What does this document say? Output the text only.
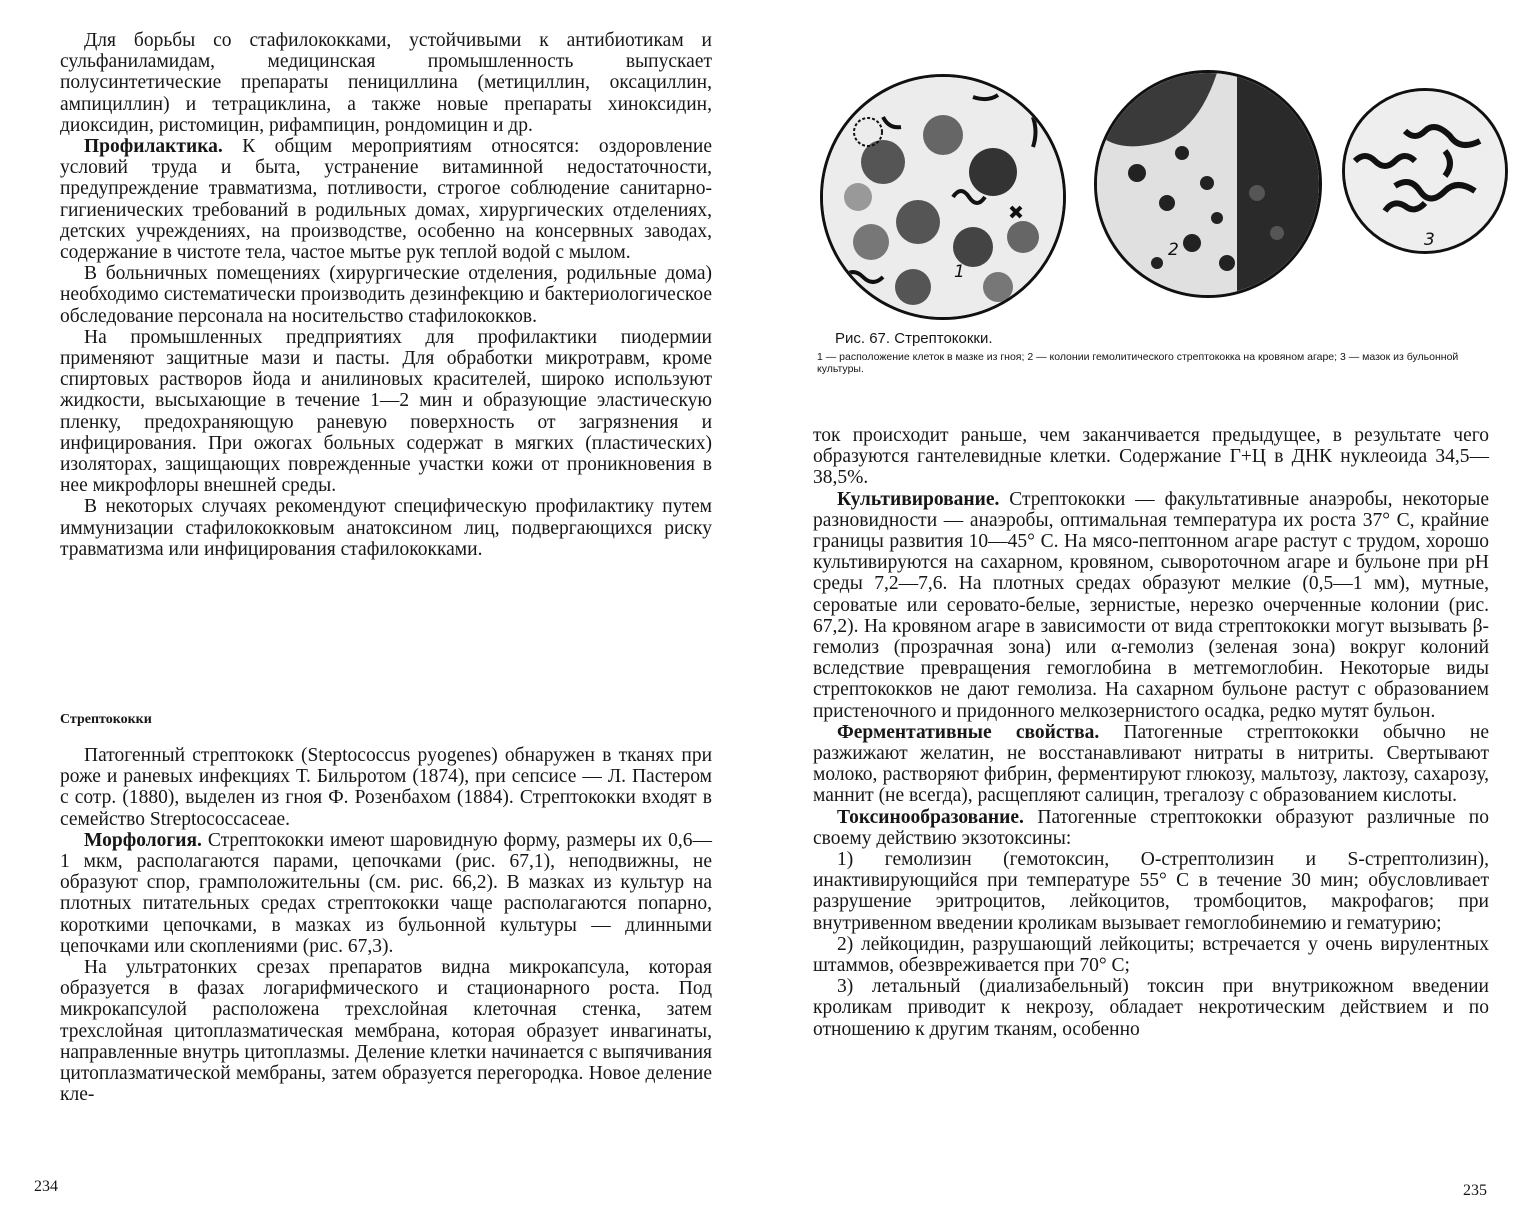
Для борьбы со стафилококками, устойчивыми к антибиотикам и сульфаниламидам, медицинская промышленность выпускает полусинтетические препараты пенициллина (метициллин, оксациллин, ампициллин) и тетрациклина, а также новые препараты хиноксидин, диоксидин, ристомицин, рифампицин, рондомицин и др.

Профилактика. К общим мероприятиям относятся: оздоровление условий труда и быта, устранение витаминной недостаточности, предупреждение травматизма, потливости, строгое соблюдение санитарно-гигиенических требований в родильных домах, хирургических отделениях, детских учреждениях, на производстве, особенно на консервных заводах, содержание в чистоте тела, частое мытье рук теплой водой с мылом.

В больничных помещениях (хирургические отделения, родильные дома) необходимо систематически производить дезинфекцию и бактериологическое обследование персонала на носительство стафилококков.

На промышленных предприятиях для профилактики пиодермии применяют защитные мази и пасты. Для обработки микротравм, кроме спиртовых растворов йода и анилиновых красителей, широко используют жидкости, высыхающие в течение 1—2 мин и образующие эластическую пленку, предохраняющую раневую поверхность от загрязнения и инфицирования. При ожогах больных содержат в мягких (пластических) изоляторах, защищающих поврежденные участки кожи от проникновения в нее микрофлоры внешней среды.

В некоторых случаях рекомендуют специфическую профилактику путем иммунизации стафилококковым анатоксином лиц, подвергающихся риску травматизма или инфицирования стафилококками.

Стрептококки

Патогенный стрептококк (Steptococcus pyogenes) обнаружен в тканях при роже и раневых инфекциях Т. Бильротом (1874), при сепсисе — Л. Пастером с сотр. (1880), выделен из гноя Ф. Розенбахом (1884). Стрептококки входят в семейство Streptococcaceae.

Морфология. Стрептококки имеют шаровидную форму, размеры их 0,6—1 мкм, располагаются парами, цепочками (рис. 67,1), неподвижны, не образуют спор, грамположительны (см. рис. 66,2). В мазках из культур на плотных питательных средах стрептококки чаще располагаются попарно, короткими цепочками, в мазках из бульонной культуры — длинными цепочками или скоплениями (рис. 67,3).

На ультратонких срезах препаратов видна микрокапсула, которая образуется в фазах логарифмического и стационарного роста. Под микрокапсулой расположена трехслойная клеточная стенка, затем трехслойная цитоплазматическая мембрана, которая образует инвагинаты, направленные внутрь цитоплазмы. Деление клетки начинается с выпячивания цитоплазматической мембраны, затем образуется перегородка. Новое деление кле-

234
1
2	3
Рис. 67. Стрептококки.
1 — расположение клеток в мазке из гноя; 2 — колонии гемолитического стрептококка на кровяном агаре; 3 — мазок из бульонной культуры.

ток происходит раньше, чем заканчивается предыдущее, в результате чего образуются гантелевидные клетки. Содержание Г+Ц в ДНК нуклеоида 34,5—38,5%.

Культивирование. Стрептококки — факультативные анаэробы, некоторые разновидности — анаэробы, оптимальная температура их роста 37° С, крайние границы развития 10—45° С. На мясо-пептонном агаре растут с трудом, хорошо культивируются на сахарном, кровяном, сывороточном агаре и бульоне при pH среды 7,2—7,6. На плотных средах образуют мелкие (0,5—1 мм), мутные, сероватые или серовато-белые, зернистые, нерезко очерченные колонии (рис. 67,2). На кровяном агаре в зависимости от вида стрептококки могут вызывать β-гемолиз (прозрачная зона) или α-гемолиз (зеленая зона) вокруг колоний вследствие превращения гемоглобина в метгемоглобин. Некоторые виды стрептококков не дают гемолиза. На сахарном бульоне растут с образованием пристеночного и придонного мелкозернистого осадка, редко мутят бульон.

Ферментативные свойства. Патогенные стрептококки обычно не разжижают желатин, не восстанавливают нитраты в нитриты. Свертывают молоко, растворяют фибрин, ферментируют глюкозу, мальтозу, лактозу, сахарозу, маннит (не всегда), расщепляют салицин, трегалозу с образованием кислоты.

Токсинообразование. Патогенные стрептококки образуют различные по своему действию экзотоксины:

1) гемолизин (гемотоксин, О-стрептолизин и S-стрептолизин), инактивирующийся при температуре 55° С в течение 30 мин; обусловливает разрушение эритроцитов, лейкоцитов, тромбоцитов, макрофагов; при внутривенном введении кроликам вызывает гемоглобинемию и гематурию;

2) лейкоцидин, разрушающий лейкоциты; встречается у очень вирулентных штаммов, обезвреживается при 70° С;

3) летальный (диализабельный) токсин при внутрикожном введении кроликам приводит к некрозу, обладает некротическим действием и по отношению к другим тканям, особенно

235
